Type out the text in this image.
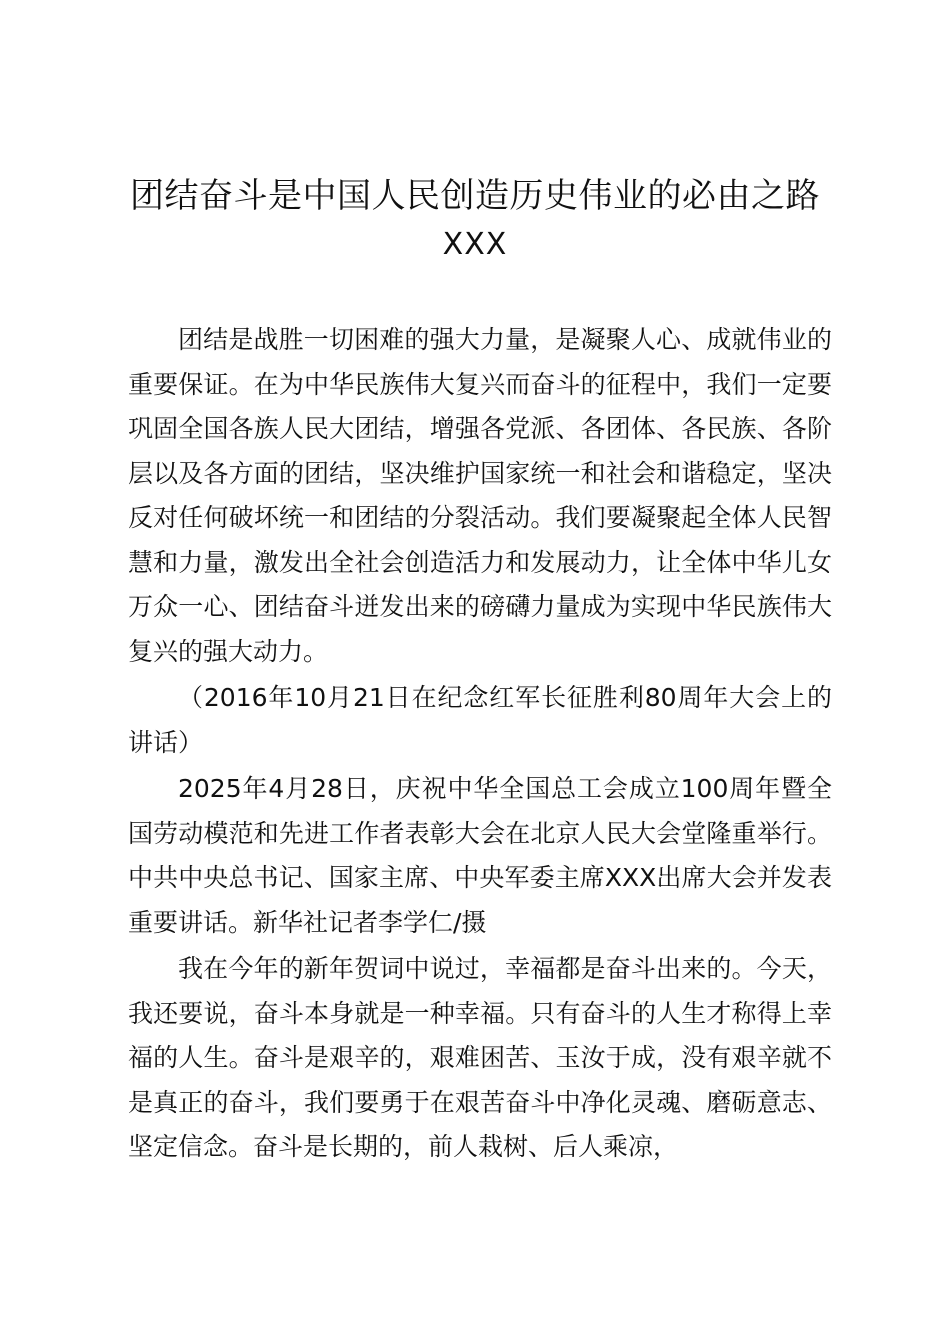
团结奋斗是中国人民创造历史伟业的必由之路

XXX

团结是战胜一切困难的强大力量，是凝聚人心、成就伟业的重要保证。在为中华民族伟大复兴而奋斗的征程中，我们一定要巩固全国各族人民大团结，增强各党派、各团体、各民族、各阶层以及各方面的团结，坚决维护国家统一和社会和谐稳定，坚决反对任何破坏统一和团结的分裂活动。我们要凝聚起全体人民智慧和力量，激发出全社会创造活力和发展动力，让全体中华儿女万众一心、团结奋斗迸发出来的磅礴力量成为实现中华民族伟大复兴的强大动力。

（2016年10月21日在纪念红军长征胜利80周年大会上的讲话）

2025年4月28日，庆祝中华全国总工会成立100周年暨全国劳动模范和先进工作者表彰大会在北京人民大会堂隆重举行。中共中央总书记、国家主席、中央军委主席XXX出席大会并发表重要讲话。新华社记者李学仁/摄

我在今年的新年贺词中说过，幸福都是奋斗出来的。今天，我还要说，奋斗本身就是一种幸福。只有奋斗的人生才称得上幸福的人生。奋斗是艰辛的，艰难困苦、玉汝于成，没有艰辛就不是真正的奋斗，我们要勇于在艰苦奋斗中净化灵魂、磨砺意志、坚定信念。奋斗是长期的，前人栽树、后人乘凉，
